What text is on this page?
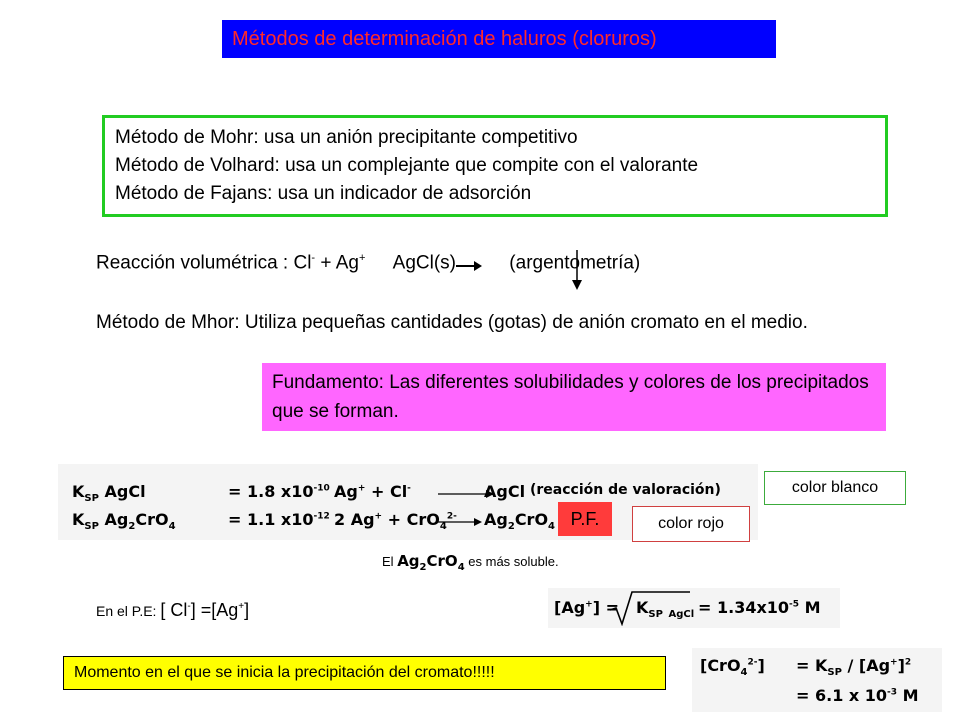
Métodos de determinación de haluros (cloruros)
Método de Mohr: usa un anión precipitante competitivo
Método de Volhard: usa un complejante que compite con el valorante
Método de Fajans: usa un indicador de adsorción
Reacción volumétrica : Cl- + Ag+ AgCl(s)	(argentometría)
Método de Mhor: Utiliza pequeñas cantidades (gotas) de anión cromato en el medio.
Fundamento: Las diferentes solubilidades y colores de los precipitados que se forman.
$K_{SP}$ AgCl	= 1.8 $x10^{-10}$ Ag+ + Cl-	AgCl (reacción de valoración)
$K_{SP}$ $Ag_2CrO_4$	= 1.1 $x10^{-12}$ 2 Ag+ + CrO$_4^{2-}$ $Ag_2CrO_4$
color blanco
color rojo
P.F.
El $Ag_2CrO_4$ es más soluble.
En el P.E: [ Cl-] =[Ag+]	$[Ag^+] = K_{SP}$ $_{AgCl} = 1.34x10^{-5}$ M
$[CrO_4^{2-}] = K_{SP} / [Ag^+]^2$
= 6.1 x $10^{-3}$ M
Momento en el que se inicia la precipitación del cromato!!!!!
